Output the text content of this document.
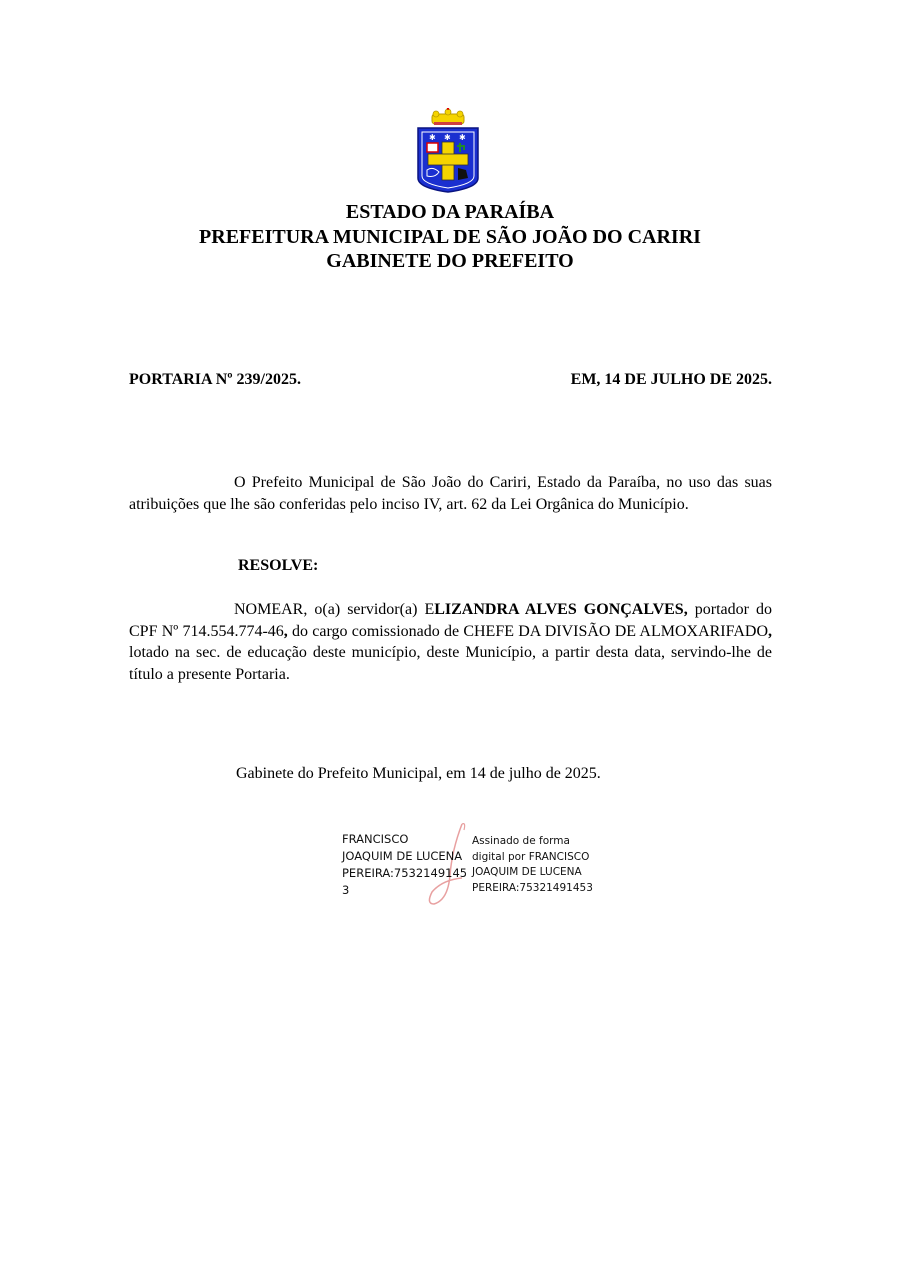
✱ ✱ ✱
ESTADO DA PARAÍBA
PREFEITURA MUNICIPAL DE SÃO JOÃO DO CARIRI
GABINETE DO PREFEITO
PORTARIA Nº 239/2025.	EM, 14 DE JULHO DE 2025.
O Prefeito Municipal de São João do Cariri, Estado da Paraíba, no uso das suas atribuições que lhe são conferidas pelo inciso IV, art. 62 da Lei Orgânica do Município.
RESOLVE:
NOMEAR, o(a) servidor(a) ELIZANDRA ALVES GONÇALVES, portador do CPF Nº 714.554.774-46, do cargo comissionado de CHEFE DA DIVISÃO DE ALMOXARIFADO, lotado na sec. de educação deste município, deste Município, a partir desta data, servindo-lhe de título a presente Portaria.
Gabinete do Prefeito Municipal, em 14 de julho de 2025.
FRANCISCO
JOAQUIM DE LUCENA
PEREIRA:7532149145
3
Assinado de forma
digital por FRANCISCO
JOAQUIM DE LUCENA
PEREIRA:75321491453
